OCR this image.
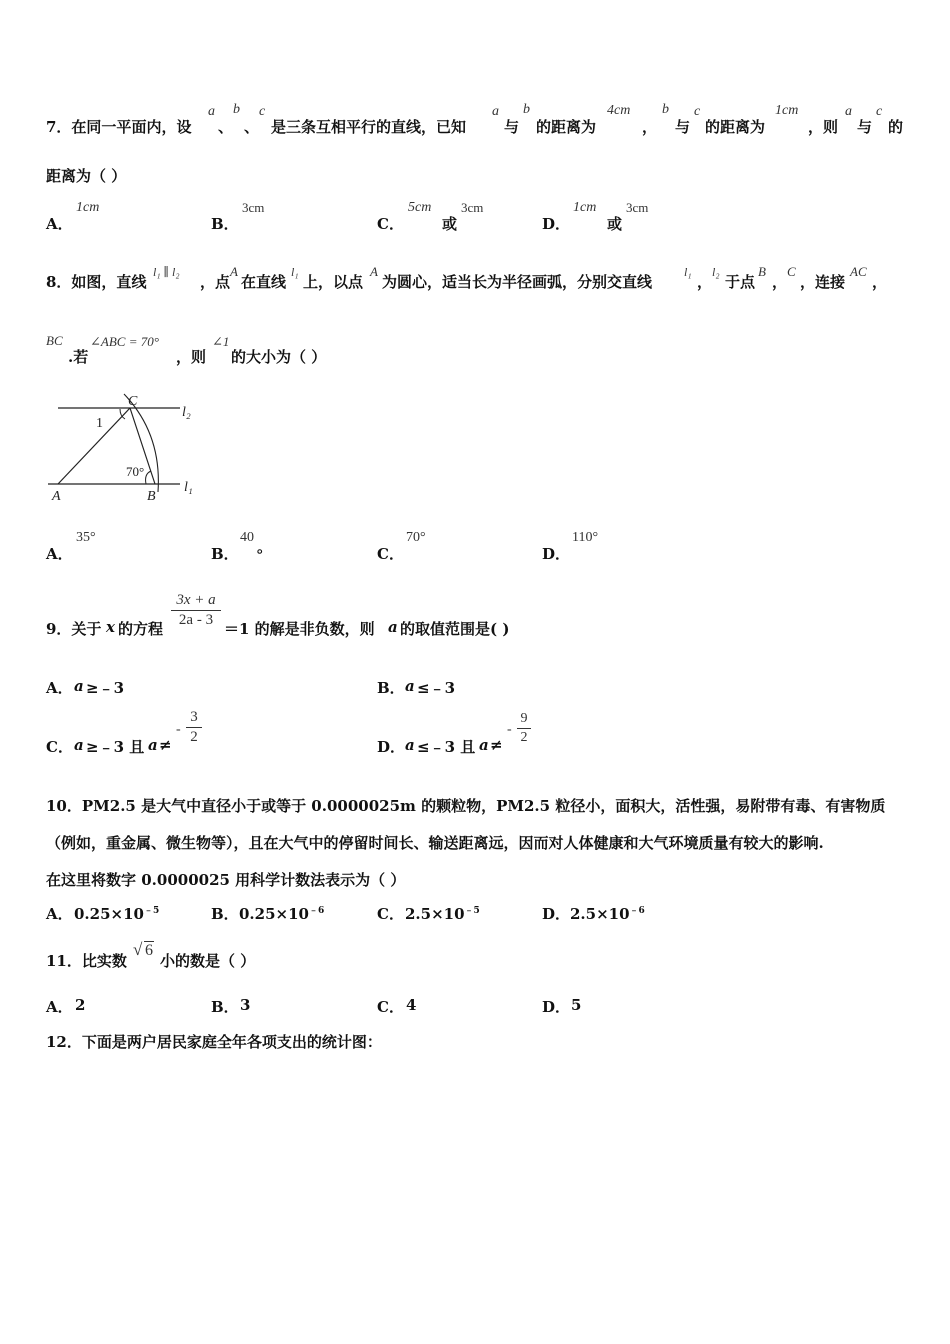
7．在同一平面内，设
a
、
b
、
c
是三条互相平行的直线，已知
a
与
b
的距离为
4cm
，
b
与
c
的距离为
1cm
，则
a
与
c
的
距离为（ ）
A．
1cm
B．
3cm
C．
5cm
或
3cm
D．
1cm
或
3cm
8．如图，直线
l₁ ∥ l₂
，点
A
在直线
l₁
上，以点
A
为圆心，适当长为半径画弧，分别交直线
l₁
，
l₂
于点
B
，
C
，连接
AC
，
BC
.若
∠ABC = 70°
，则
∠1
的大小为（ ）
C
l₂
1
70°
A	B
l₁
A．
35°
B．
40
。	C．
70°
D．
110°
9．关于 x 的方程
3x + a
2a - 3 ＝1 的解是非负数，则 a 的取值范围是( )
A． a ≥﹣3	B． a ≤﹣3
C． a ≥﹣3 且 a ≠
-
3
2
D． a ≤﹣3 且 a ≠
-
9
2
10．PM2.5 是大气中直径小于或等于 0.0000025m 的颗粒物，PM2.5 粒径小，面积大，活性强，易附带有毒、有害物质
（例如，重金属、微生物等），且在大气中的停留时间长、输送距离远，因而对人体健康和大气环境质量有较大的影响.
在这里将数字 0.0000025 用科学计数法表示为（ ）
A． $0.25\times 10^{﹣5}$	B． $0.25\times 10^{﹣6}$	C． $2.5\times 10^{﹣5}$	D． $2.5\times 10^{﹣6}$
11．比实数
√ 6
小的数是（ ）
A． 2	B． 3	C． 4	D． 5
12．下面是两户居民家庭全年各项支出的统计图：
